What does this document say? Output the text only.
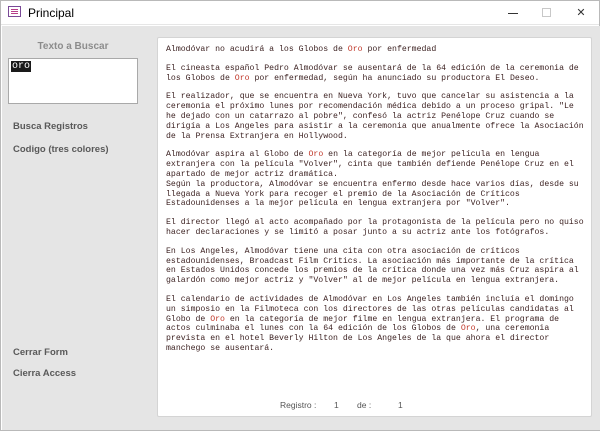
Principal	✕
Texto a Buscar
oro
Busca Registros
Codigo (tres colores)
Cerrar Form
Cierra Access

Almodóvar no acudirá a los Globos de Oro por enfermedad

El cineasta español Pedro Almodóvar se ausentará de la 64 edición de la ceremonia de los Globos de Oro por enfermedad, según ha anunciado su productora El Deseo.

El realizador, que se encuentra en Nueva York, tuvo que cancelar su asistencia a la ceremonia el próximo lunes por recomendación médica debido a un proceso gripal. "Le he dejado con un catarrazo al pobre", confesó la actriz Penélope Cruz cuando se dirigía a Los Angeles para asistir a la ceremonia que anualmente ofrece la Asociación de la Prensa Extranjera en Hollywood.

Almodóvar aspira al Globo de Oro en la categoría de mejor película en lengua extranjera con la película "Volver", cinta que también defiende Penélope Cruz en el apartado de mejor actriz dramática.
Según la productora, Almodóvar se encuentra enfermo desde hace varios días, desde su llegada a Nueva York para recoger el premio de la Asociación de Críticos Estadounidenses a la mejor película en lengua extranjera por "Volver".

El director llegó al acto acompañado por la protagonista de la película pero no quiso hacer declaraciones y se limitó a posar junto a su actriz ante los fotógrafos.

En Los Angeles, Almodóvar tiene una cita con otra asociación de críticos estadounidenses, Broadcast Film Critics. La asociación más importante de la crítica en Estados Unidos concede los premios de la crítica donde una vez más Cruz aspira al galardón como mejor actriz y "Volver" al de mejor película en lengua extranjera.

El calendario de actividades de Almodóvar en Los Angeles también incluía el domingo un simposio en la Filmoteca con los directores de las otras películas candidatas al Globo de Oro en la categoría de mejor filme en lengua extranjera. El programa de actos culminaba el lunes con la 64 edición de los Globos de Oro, una ceremonia prevista en el hotel Beverly Hilton de Los Angeles de la que ahora el director manchego se ausentará.

Registro : 1 de :	1
